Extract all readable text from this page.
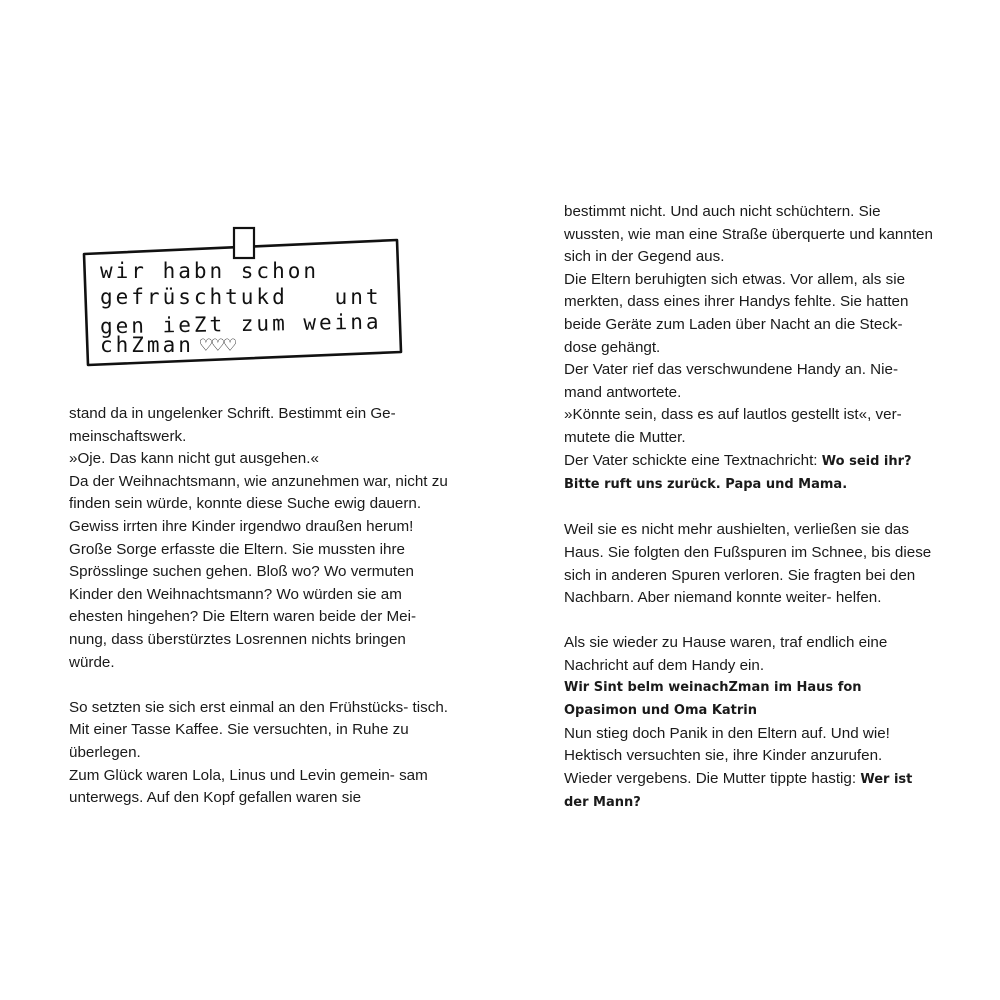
wir habn schon
gefrüschtukd   unt
gen ieZt zum weina
chZman ♡♡♡

stand da in ungelenker Schrift. Bestimmt ein Ge- meinschaftswerk.

»Oje. Das kann nicht gut ausgehen.«

Da der Weihnachtsmann, wie anzunehmen war, nicht zu finden sein würde, konnte diese Suche ewig dauern. Gewiss irrten ihre Kinder irgendwo draußen herum!

Große Sorge erfasste die Eltern. Sie mussten ihre Sprösslinge suchen gehen. Bloß wo? Wo vermuten Kinder den Weihnachtsmann? Wo würden sie am ehesten hingehen? Die Eltern waren beide der Mei- nung, dass überstürztes Losrennen nichts bringen würde.

So setzten sie sich erst einmal an den Frühstücks- tisch. Mit einer Tasse Kaffee. Sie versuchten, in Ruhe zu überlegen.

Zum Glück waren Lola, Linus und Levin gemein- sam unterwegs. Auf den Kopf gefallen waren sie

bestimmt nicht. Und auch nicht schüchtern. Sie wussten, wie man eine Straße überquerte und kannten sich in der Gegend aus.

Die Eltern beruhigten sich etwas. Vor allem, als sie merkten, dass eines ihrer Handys fehlte. Sie hatten beide Geräte zum Laden über Nacht an die Steck- dose gehängt.

Der Vater rief das verschwundene Handy an. Nie- mand antwortete.

»Könnte sein, dass es auf lautlos gestellt ist«, ver- mutete die Mutter.

Der Vater schickte eine Textnachricht: Wo seid ihr? Bitte ruft uns zurück. Papa und Mama.

Weil sie es nicht mehr aushielten, verließen sie das Haus. Sie folgten den Fußspuren im Schnee, bis diese sich in anderen Spuren verloren. Sie fragten bei den Nachbarn. Aber niemand konnte weiter- helfen.

Als sie wieder zu Hause waren, traf endlich eine Nachricht auf dem Handy ein.

Wir Sint belm weinachZman im Haus fon Opasimon und Oma Katrin

Nun stieg doch Panik in den Eltern auf. Und wie! Hektisch versuchten sie, ihre Kinder anzurufen.

Wieder vergebens. Die Mutter tippte hastig: Wer ist der Mann?
